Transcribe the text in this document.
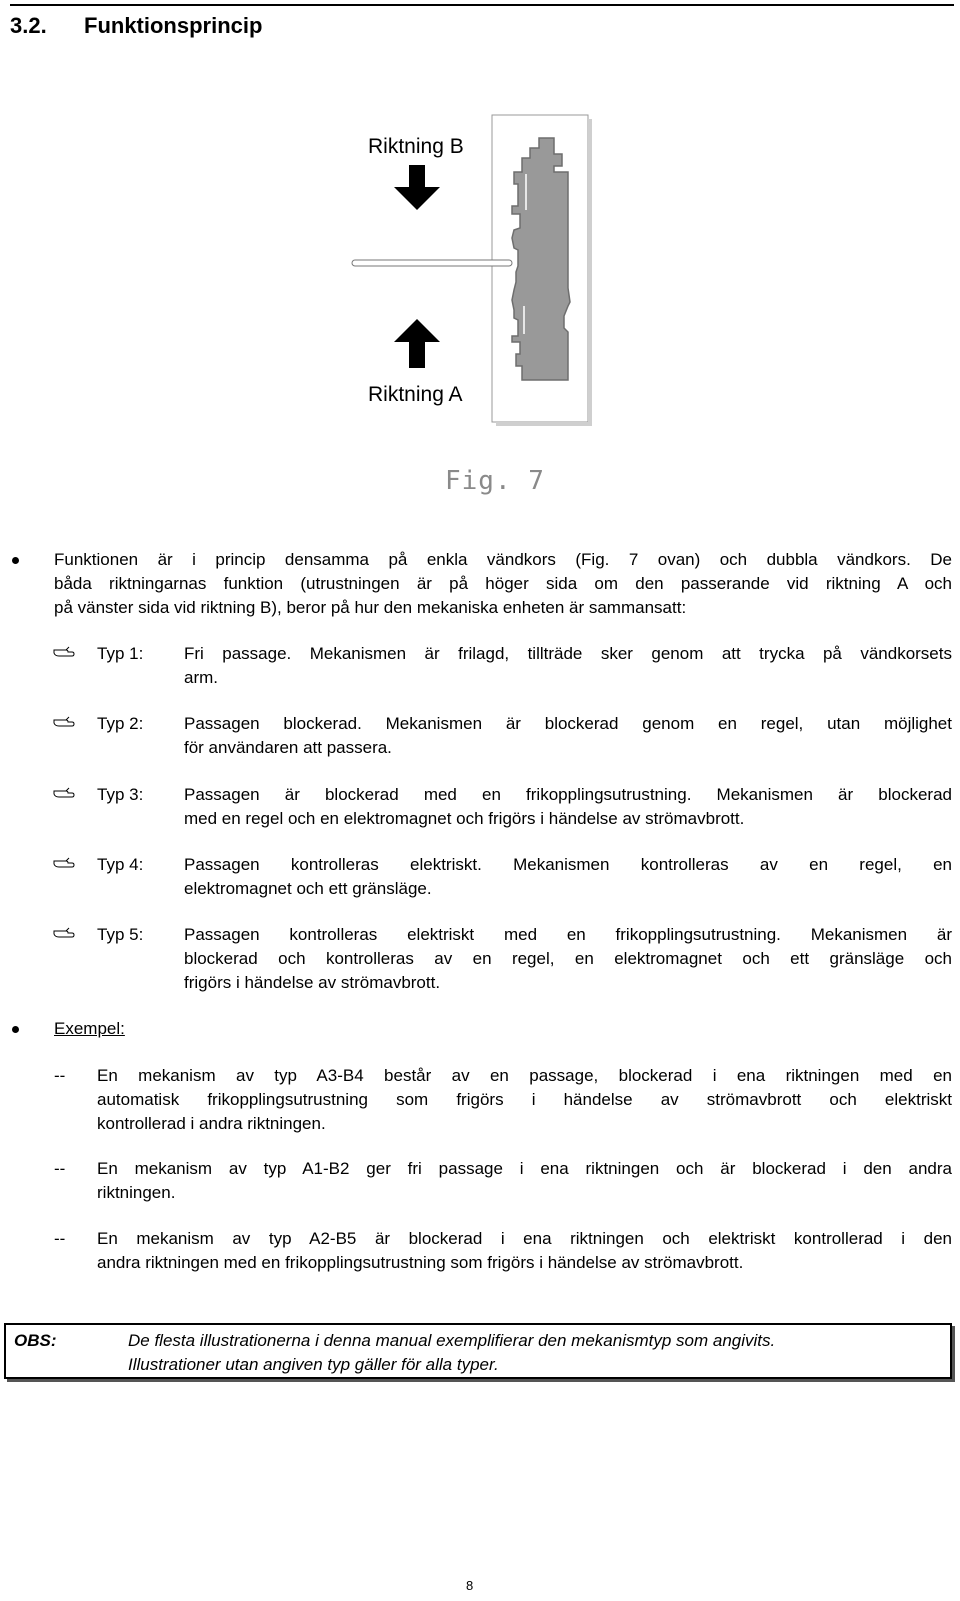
3.2. Funktionsprincip
Riktning B
Riktning A
Fig. 7
Funktionen är i princip densamma på enkla vändkors (Fig. 7 ovan) och dubbla vändkors. De
båda riktningarnas funktion (utrustningen är på höger sida om den passerande vid riktning A och
på vänster sida vid riktning B), beror på hur den mekaniska enheten är sammansatt:
Typ 1: Fri passage. Mekanismen är frilagd, tillträde sker genom att trycka på vändkorsets
arm.
Typ 2: Passagen blockerad. Mekanismen är blockerad genom en regel, utan möjlighet
för användaren att passera.
Typ 3: Passagen är blockerad med en frikopplingsutrustning. Mekanismen är blockerad
med en regel och en elektromagnet och frigörs i händelse av strömavbrott.
Typ 4: Passagen kontrolleras elektriskt. Mekanismen kontrolleras av en regel, en
elektromagnet och ett gränsläge.
Typ 5: Passagen kontrolleras elektriskt med en frikopplingsutrustning. Mekanismen är
blockerad och kontrolleras av en regel, en elektromagnet och ett gränsläge och
frigörs i händelse av strömavbrott.
Exempel:
-- En mekanism av typ A3-B4 består av en passage, blockerad i ena riktningen med en
automatisk frikopplingsutrustning som frigörs i händelse av strömavbrott och elektriskt
kontrollerad i andra riktningen.
-- En mekanism av typ A1-B2 ger fri passage i ena riktningen och är blockerad i den andra
riktningen.
-- En mekanism av typ A2-B5 är blockerad i ena riktningen och elektriskt kontrollerad i den
andra riktningen med en frikopplingsutrustning som frigörs i händelse av strömavbrott.
OBS:	De flesta illustrationerna i denna manual exemplifierar den mekanismtyp som angivits.
Illustrationer utan angiven typ gäller för alla typer.
8
